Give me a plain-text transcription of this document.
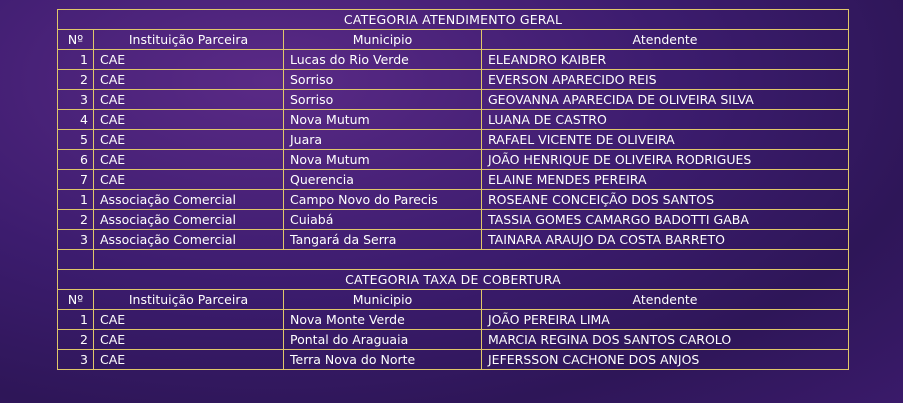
CATEGORIA ATENDIMENTO GERAL			
Nº	Instituição Parceira	Municipio	Atendente
1	CAE	Lucas do Rio Verde	ELEANDRO KAIBER
2	CAE	Sorriso	EVERSON APARECIDO REIS
3	CAE	Sorriso	GEOVANNA APARECIDA DE OLIVEIRA SILVA
4	CAE	Nova Mutum	LUANA DE CASTRO
5	CAE	Juara	RAFAEL VICENTE DE OLIVEIRA
6	CAE	Nova Mutum	JOÃO HENRIQUE DE OLIVEIRA RODRIGUES
7	CAE	Querencia	ELAINE MENDES PEREIRA
1	Associação Comercial	Campo Novo do Parecis	ROSEANE CONCEIÇÃO DOS SANTOS
2	Associação Comercial	Cuiabá	TASSIA GOMES CAMARGO BADOTTI GABA
3	Associação Comercial	Tangará da Serra	TAINARA ARAUJO DA COSTA BARRETO

CATEGORIA TAXA DE COBERTURA			
Nº	Instituição Parceira	Municipio	Atendente
1	CAE	Nova Monte Verde	JOÃO PEREIRA LIMA
2	CAE	Pontal do Araguaia	MARCIA REGINA DOS SANTOS CAROLO
3	CAE	Terra Nova do Norte	JEFERSSON CACHONE DOS ANJOS
